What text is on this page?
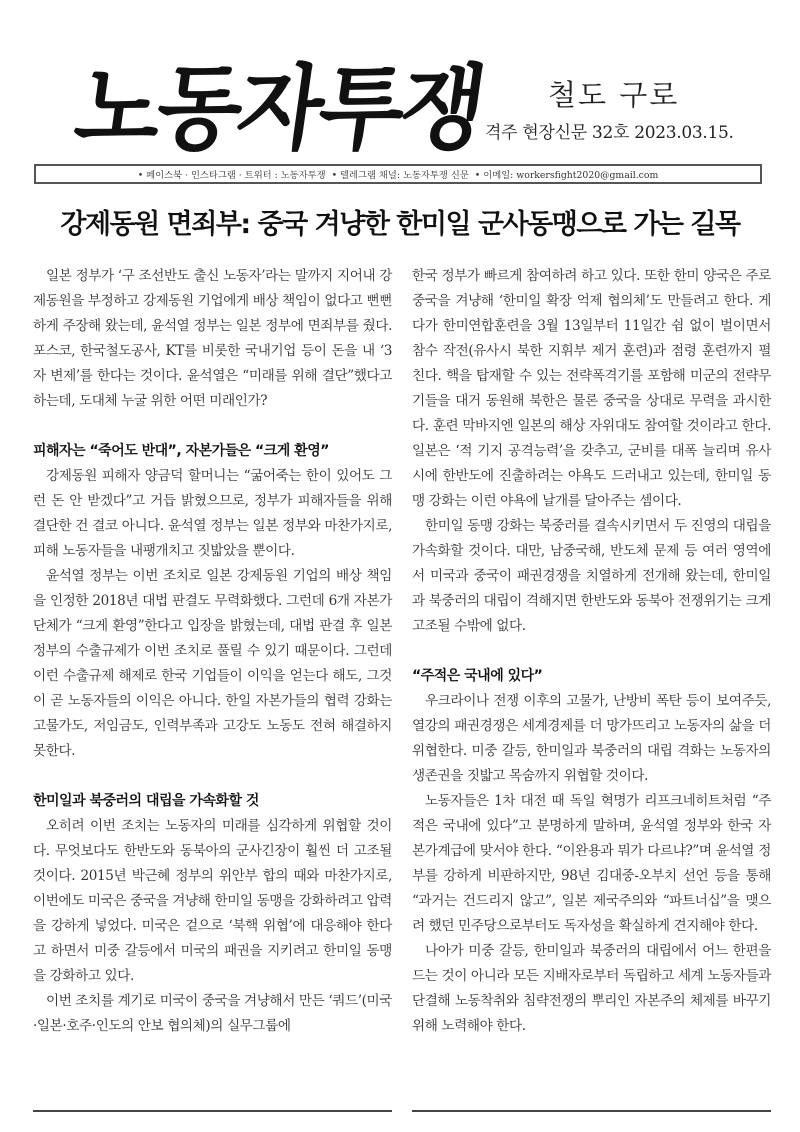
노동자투쟁 철도 구로
격주 현장신문 32호 2023.03.15.
• 페이스북 · 인스타그램 · 트위터 : 노동자투쟁 • 텔레그램 채널: 노동자투쟁 신문 • 이메일: workersfight2020@gmail.com
강제동원 면죄부: 중국 겨냥한 한미일 군사동맹으로 가는 길목

일본 정부가 ‘구 조선반도 출신 노동자’라는 말까지 지어내 강제동원을 부정하고 강제동원 기업에게 배상 책임이 없다고 뻔뻔하게 주장해 왔는데, 윤석열 정부는 일본 정부에 면죄부를 줬다. 포스코, 한국철도공사, KT를 비롯한 국내기업 등이 돈을 내 ‘3자 변제’를 한다는 것이다. 윤석열은 “미래를 위해 결단”했다고 하는데, 도대체 누굴 위한 어떤 미래인가?

피해자는 “죽어도 반대”, 자본가들은 “크게 환영”

강제동원 피해자 양금덕 할머니는 “굶어죽는 한이 있어도 그런 돈 안 받겠다”고 거듭 밝혔으므로, 정부가 피해자들을 위해 결단한 건 결코 아니다. 윤석열 정부는 일본 정부와 마찬가지로, 피해 노동자들을 내팽개치고 짓밟았을 뿐이다.

윤석열 정부는 이번 조치로 일본 강제동원 기업의 배상 책임을 인정한 2018년 대법 판결도 무력화했다. 그런데 6개 자본가단체가 “크게 환영”한다고 입장을 밝혔는데, 대법 판결 후 일본 정부의 수출규제가 이번 조치로 풀릴 수 있기 때문이다. 그런데 이런 수출규제 해제로 한국 기업들이 이익을 얻는다 해도, 그것이 곧 노동자들의 이익은 아니다. 한일 자본가들의 협력 강화는 고물가도, 저임금도, 인력부족과 고강도 노동도 전혀 해결하지 못한다.

한미일과 북중러의 대립을 가속화할 것

오히려 이번 조치는 노동자의 미래를 심각하게 위협할 것이다. 무엇보다도 한반도와 동북아의 군사긴장이 훨씬 더 고조될 것이다. 2015년 박근혜 정부의 위안부 합의 때와 마찬가지로, 이번에도 미국은 중국을 겨냥해 한미일 동맹을 강화하려고 압력을 강하게 넣었다. 미국은 겉으로 ‘북핵 위협’에 대응해야 한다고 하면서 미중 갈등에서 미국의 패권을 지키려고 한미일 동맹을 강화하고 있다.

이번 조치를 계기로 미국이 중국을 겨냥해서 만든 ‘쿼드’(미국·일본·호주·인도의 안보 협의체)의 실무그룹에

한국 정부가 빠르게 참여하려 하고 있다. 또한 한미 양국은 주로 중국을 겨냥해 ‘한미일 확장 억제 협의체’도 만들려고 한다. 게다가 한미연합훈련을 3월 13일부터 11일간 쉼 없이 벌이면서 참수 작전(유사시 북한 지휘부 제거 훈련)과 점령 훈련까지 펼친다. 핵을 탑재할 수 있는 전략폭격기를 포함해 미군의 전략무기들을 대거 동원해 북한은 물론 중국을 상대로 무력을 과시한다. 훈련 막바지엔 일본의 해상 자위대도 참여할 것이라고 한다. 일본은 ‘적 기지 공격능력’을 갖추고, 군비를 대폭 늘리며 유사시에 한반도에 진출하려는 야욕도 드러내고 있는데, 한미일 동맹 강화는 이런 야욕에 날개를 달아주는 셈이다.

한미일 동맹 강화는 북중러를 결속시키면서 두 진영의 대립을 가속화할 것이다. 대만, 남중국해, 반도체 문제 등 여러 영역에서 미국과 중국이 패권경쟁을 치열하게 전개해 왔는데, 한미일과 북중러의 대립이 격해지면 한반도와 동북아 전쟁위기는 크게 고조될 수밖에 없다.

“주적은 국내에 있다”

우크라이나 전쟁 이후의 고물가, 난방비 폭탄 등이 보여주듯, 열강의 패권경쟁은 세계경제를 더 망가뜨리고 노동자의 삶을 더 위협한다. 미중 갈등, 한미일과 북중러의 대립 격화는 노동자의 생존권을 짓밟고 목숨까지 위협할 것이다.

노동자들은 1차 대전 때 독일 혁명가 리프크네히트처럼 “주적은 국내에 있다”고 분명하게 말하며, 윤석열 정부와 한국 자본가계급에 맞서야 한다. “이완용과 뭐가 다르냐?”며 윤석열 정부를 강하게 비판하지만, 98년 김대중-오부치 선언 등을 통해 “과거는 건드리지 않고”, 일본 제국주의와 “파트너십”을 맺으려 했던 민주당으로부터도 독자성을 확실하게 견지해야 한다.

나아가 미중 갈등, 한미일과 북중러의 대립에서 어느 한편을 드는 것이 아니라 모든 지배자로부터 독립하고 세계 노동자들과 단결해 노동착취와 침략전쟁의 뿌리인 자본주의 체제를 바꾸기 위해 노력해야 한다.
